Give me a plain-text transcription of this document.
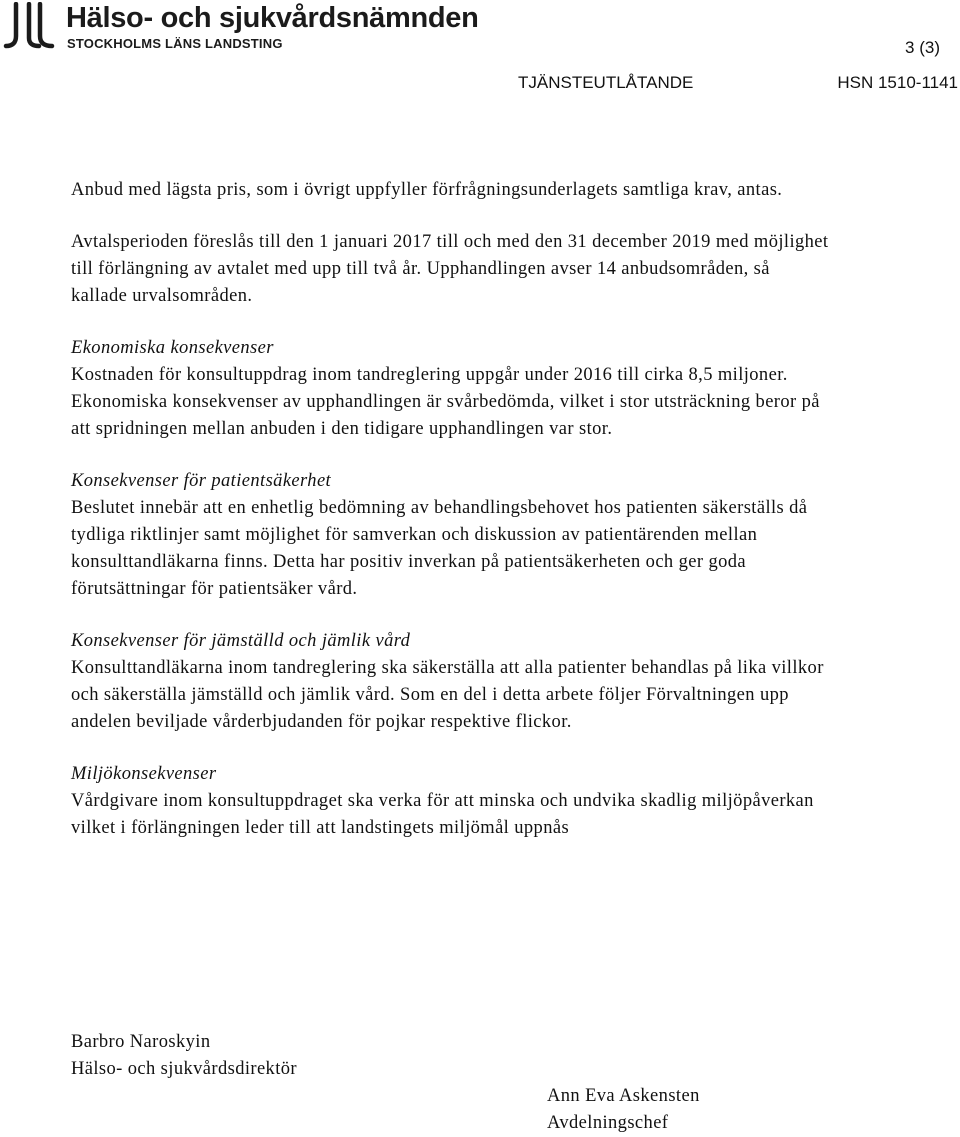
Hälso- och sjukvårdsnämnden
STOCKHOLMS LÄNS LANDSTING	3 (3)
TJÄNSTEUTLÅTANDE	HSN 1510-1141

Anbud med lägsta pris, som i övrigt uppfyller förfrågningsunderlagets samtliga krav, antas.

Avtalsperioden föreslås till den 1 januari 2017 till och med den 31 december 2019 med möjlighet till förlängning av avtalet med upp till två år. Upphandlingen avser 14 anbudsområden, så kallade urvalsområden.

Ekonomiska konsekvenser
Kostnaden för konsultuppdrag inom tandreglering uppgår under 2016 till cirka 8,5 miljoner. Ekonomiska konsekvenser av upphandlingen är svårbedömda, vilket i stor utsträckning beror på att spridningen mellan anbuden i den tidigare upphandlingen var stor.

Konsekvenser för patientsäkerhet
Beslutet innebär att en enhetlig bedömning av behandlingsbehovet hos patienten säkerställs då tydliga riktlinjer samt möjlighet för samverkan och diskussion av patientärenden mellan konsulttandläkarna finns. Detta har positiv inverkan på patientsäkerheten och ger goda förutsättningar för patientsäker vård.

Konsekvenser för jämställd och jämlik vård
Konsulttandläkarna inom tandreglering ska säkerställa att alla patienter behandlas på lika villkor och säkerställa jämställd och jämlik vård. Som en del i detta arbete följer Förvaltningen upp andelen beviljade vårderbjudanden för pojkar respektive flickor.

Miljökonsekvenser
Vårdgivare inom konsultuppdraget ska verka för att minska och undvika skadlig miljöpåverkan vilket i förlängningen leder till att landstingets miljömål uppnås

Barbro Naroskyin
Hälso- och sjukvårdsdirektör
Ann Eva Askensten
Avdelningschef
